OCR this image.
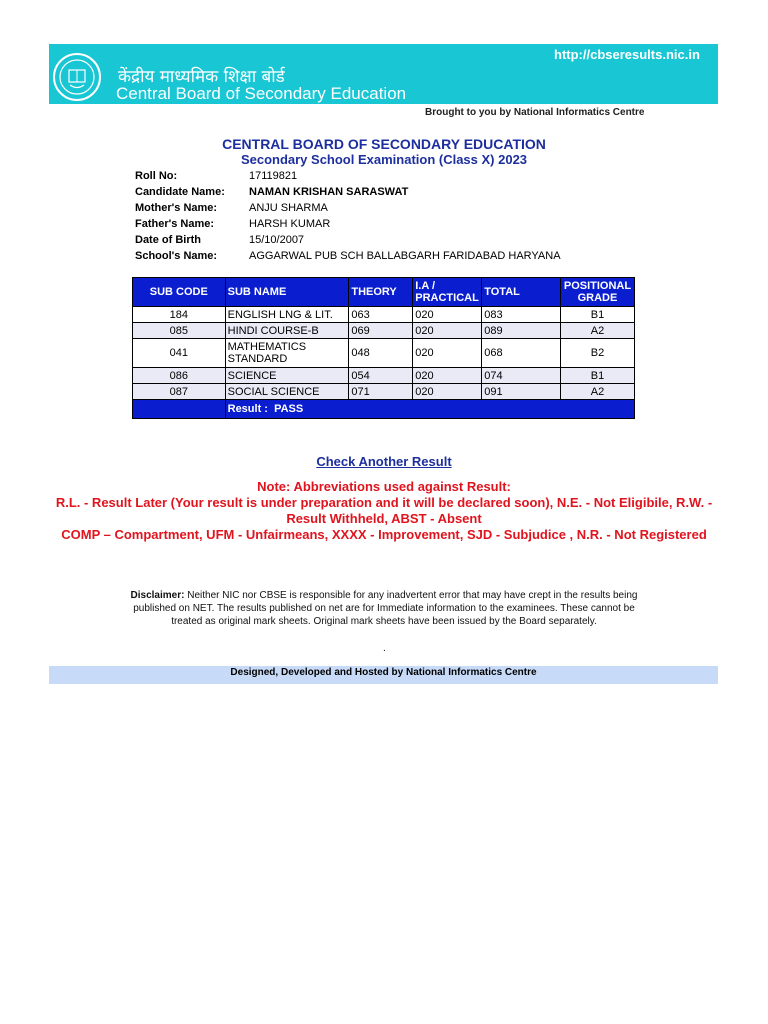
केंद्रीय माध्यमिक शिक्षा बोर्ड
Central Board of Secondary Education
http://cbseresults.nic.in
Brought to you by National Informatics Centre
CENTRAL BOARD OF SECONDARY EDUCATION
Secondary School Examination (Class X) 2023
Roll No:	17119821
Candidate Name: NAMAN KRISHAN SARASWAT
Mother's Name:	ANJU SHARMA
Father's Name:	HARSH KUMAR
Date of Birth	15/10/2007
School's Name:	AGGARWAL PUB SCH BALLABGARH FARIDABAD HARYANA
SUB CODE	SUB NAME	THEORY	I.A / PRACTICAL	TOTAL	POSITIONAL GRADE
184	ENGLISH LNG & LIT.	063	020	083	B1
085	HINDI COURSE-B	069	020	089	A2
041	MATHEMATICS STANDARD	048	020	068	B2
086	SCIENCE	054	020	074	B1
087	SOCIAL SCIENCE	071	020	091	A2
	Result : PASS				
Check Another Result
Note: Abbreviations used against Result:
R.L. - Result Later (Your result is under preparation and it will be declared soon), N.E. - Not Eligibile, R.W. - Result Withheld, ABST - Absent
COMP – Compartment, UFM - Unfairmeans, XXXX - Improvement, SJD - Subjudice , N.R. - Not Registered
Disclaimer: Neither NIC nor CBSE is responsible for any inadvertent error that may have crept in the results being published on NET. The results published on net are for Immediate information to the examinees. These cannot be treated as original mark sheets. Original mark sheets have been issued by the Board separately.
.
Designed, Developed and Hosted by National Informatics Centre
